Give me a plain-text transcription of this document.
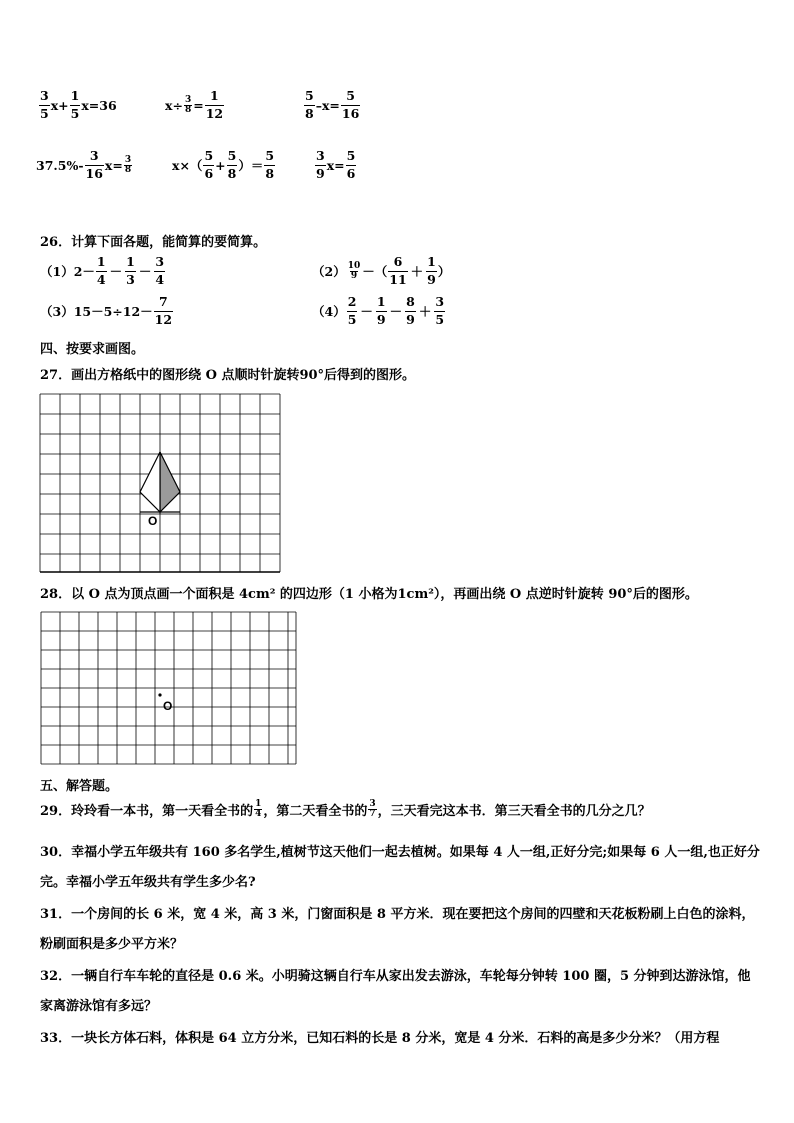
$\frac{3}{5} x+ \frac{1}{5} x=36$	$x\div \frac{3}{8} = \frac{1}{12}$	$\frac{5}{8} -x= \frac{5}{16}$
$37.5\%- \frac{3}{16} x= \frac{3}{8}$	$x\times( \frac{5}{6} + \frac{5}{8}$ ）＝ $\frac{5}{8}$	$\frac{3}{9} x= \frac{5}{6}$
26．计算下面各题，能简算的要简算。
$(1)2- \frac{1}{4} - \frac{1}{3} - \frac{3}{4}$	$(2) \frac{10}{9}$ －（ $\frac{6}{11} + \frac{1}{9}$ ）
$(3)15-5\div 12- \frac{7}{12}$	$(4) \frac{2}{5} - \frac{1}{9} - \frac{8}{9} + \frac{3}{5}$
四、按要求画图。
27．画出方格纸中的图形绕 O 点顺时针旋转90°后得到的图形。
O
28．以 O 点为顶点画一个面积是 4cm² 的四边形（1 小格为1cm²），再画出绕 O 点逆时针旋转 90°后的图形。
O
五、解答题。
29．玲玲看一本书，第一天看全书的 $\frac{1}{4}$ ，第二天看全书的 $\frac{3}{7}$ ，三天看完这本书．第三天看全书的几分之几？
30．幸福小学五年级共有 160 多名学生,植树节这天他们一起去植树。如果每 4 人一组,正好分完;如果每 6 人一组,也正好分完。幸福小学五年级共有学生多少名?
31．一个房间的长 6 米，宽 4 米，高 3 米，门窗面积是 8 平方米．现在要把这个房间的四壁和天花板粉刷上白色的涂料，粉刷面积是多少平方米？
32．一辆自行车车轮的直径是 0.6 米。小明骑这辆自行车从家出发去游泳，车轮每分钟转 100 圈，5 分钟到达游泳馆，他家离游泳馆有多远？
33．一块长方体石料，体积是 64 立方分米，已知石料的长是 8 分米，宽是 4 分米．石料的高是多少分米？（用方程
